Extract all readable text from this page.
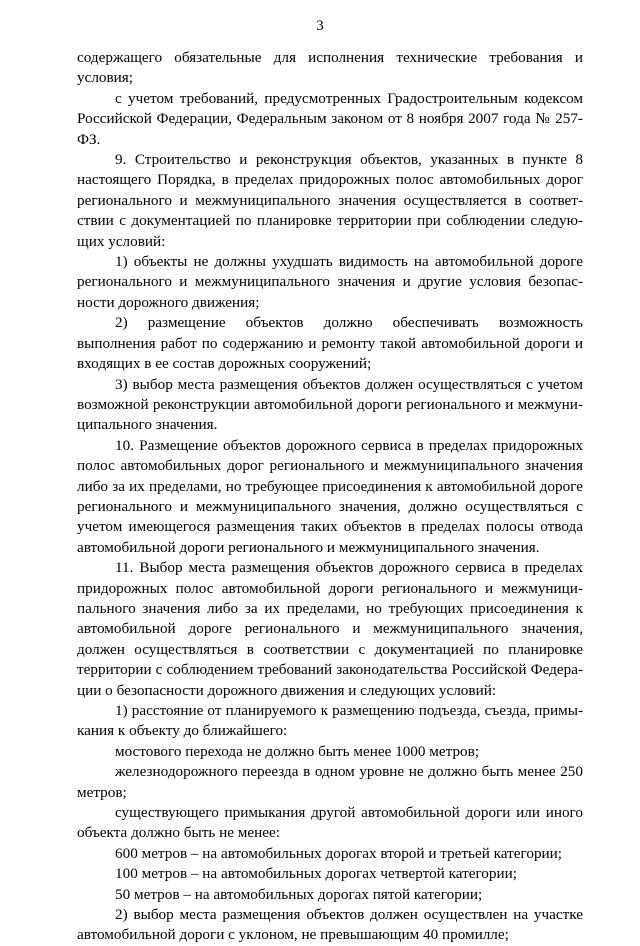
3

содержащего обязательные для исполнения технические требования и условия;

с учетом требований, предусмотренных Градостроительным кодексом Российской Федерации, Федеральным законом от 8 ноября 2007 года № 257-ФЗ.

9. Строительство и реконструкция объектов, указанных в пункте 8 настоящего Порядка, в пределах придорожных полос автомобильных дорог регионального и межмуниципального значения осуществляется в соответствии с документацией по планировке территории при соблюдении следующих условий:

1) объекты не должны ухудшать видимость на автомобильной дороге регионального и межмуниципального значения и другие условия безопасности дорожного движения;

2) размещение объектов должно обеспечивать возможность выполнения работ по содержанию и ремонту такой автомобильной дороги и входящих в ее состав дорожных сооружений;

3) выбор места размещения объектов должен осуществляться с учетом возможной реконструкции автомобильной дороги регионального и межмуниципального значения.

10. Размещение объектов дорожного сервиса в пределах придорожных полос автомобильных дорог регионального и межмуниципального значения либо за их пределами, но требующее присоединения к автомобильной дороге регионального и межмуниципального значения, должно осуществляться с учетом имеющегося размещения таких объектов в пределах полосы отвода автомобильной дороги регионального и межмуниципального значения.

11. Выбор места размещения объектов дорожного сервиса в пределах придорожных полос автомобильной дороги регионального и межмуниципального значения либо за их пределами, но требующих присоединения к автомобильной дороге регионального и межмуниципального значения, должен осуществляться в соответствии с документацией по планировке территории с соблюдением требований законодательства Российской Федерации о безопасности дорожного движения и следующих условий:

1) расстояние от планируемого к размещению подъезда, съезда, примыкания к объекту до ближайшего:

мостового перехода не должно быть менее 1000 метров;

железнодорожного переезда в одном уровне не должно быть менее 250 метров;

существующего примыкания другой автомобильной дороги или иного объекта должно быть не менее:

600 метров – на автомобильных дорогах второй и третьей категории;

100 метров – на автомобильных дорогах четвертой категории;

50 метров – на автомобильных дорогах пятой категории;

2) выбор места размещения объектов должен осуществлен на участке автомобильной дороги с уклоном, не превышающим 40 промилле;
